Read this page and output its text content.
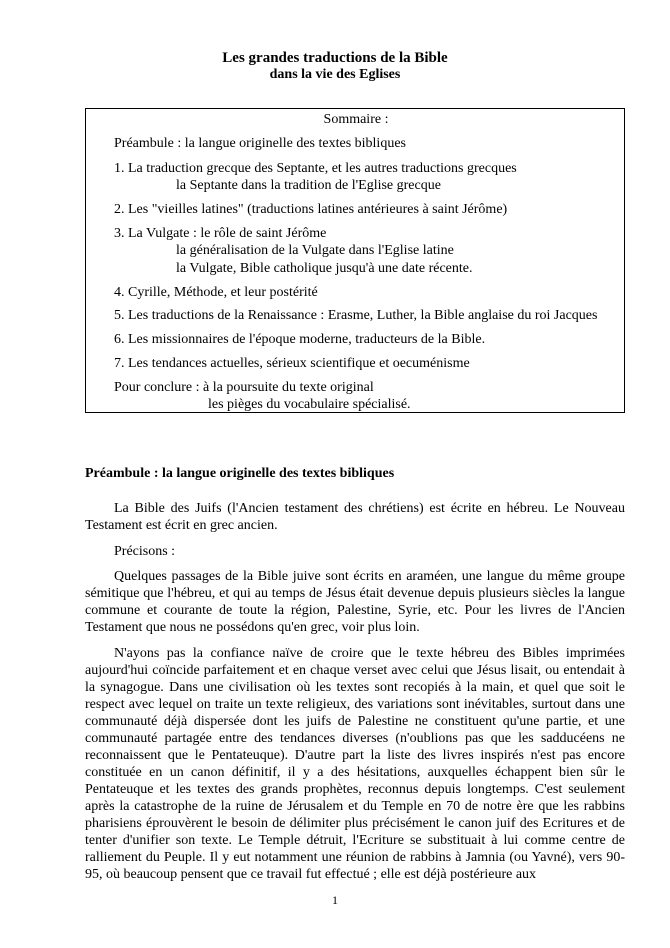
Les grandes traductions de la Bible
dans la vie des Eglises
Sommaire :
Préambule : la langue originelle des textes bibliques
1. La traduction grecque des Septante, et les autres traductions grecques
la Septante dans la tradition de l'Eglise grecque
2. Les "vieilles latines" (traductions latines antérieures à saint Jérôme)
3. La Vulgate : le rôle de saint Jérôme
la généralisation de la Vulgate dans l'Eglise latine
la Vulgate, Bible catholique jusqu'à une date récente.
4. Cyrille, Méthode, et leur postérité
5. Les traductions de la Renaissance : Erasme, Luther, la Bible anglaise du roi Jacques
6. Les missionnaires de l'époque moderne, traducteurs de la Bible.
7. Les tendances actuelles, sérieux scientifique et oecuménisme
Pour conclure : à la poursuite du texte original
les pièges du vocabulaire spécialisé.
Préambule : la langue originelle des textes bibliques

La Bible des Juifs (l'Ancien testament des chrétiens) est écrite en hébreu. Le Nouveau Testament est écrit en grec ancien.

Précisons :

Quelques passages de la Bible juive sont écrits en araméen, une langue du même groupe sémitique que l'hébreu, et qui au temps de Jésus était devenue depuis plusieurs siècles la langue commune et courante de toute la région, Palestine, Syrie, etc. Pour les livres de l'Ancien Testament que nous ne possédons qu'en grec, voir plus loin.

N'ayons pas la confiance naïve de croire que le texte hébreu des Bibles imprimées aujourd'hui coïncide parfaitement et en chaque verset avec celui que Jésus lisait, ou entendait à la synagogue. Dans une civilisation où les textes sont recopiés à la main, et quel que soit le respect avec lequel on traite un texte religieux, des variations sont inévitables, surtout dans une communauté déjà dispersée dont les juifs de Palestine ne constituent qu'une partie, et une communauté partagée entre des tendances diverses (n'oublions pas que les sadducéens ne reconnaissent que le Pentateuque). D'autre part la liste des livres inspirés n'est pas encore constituée en un canon définitif, il y a des hésitations, auxquelles échappent bien sûr le Pentateuque et les textes des grands prophètes, reconnus depuis longtemps. C'est seulement après la catastrophe de la ruine de Jérusalem et du Temple en 70 de notre ère que les rabbins pharisiens éprouvèrent le besoin de délimiter plus précisément le canon juif des Ecritures et de tenter d'unifier son texte. Le Temple détruit, l'Ecriture se substituait à lui comme centre de ralliement du Peuple. Il y eut notamment une réunion de rabbins à Jamnia (ou Yavné), vers 90-95, où beaucoup pensent que ce travail fut effectué ; elle est déjà postérieure aux

1
